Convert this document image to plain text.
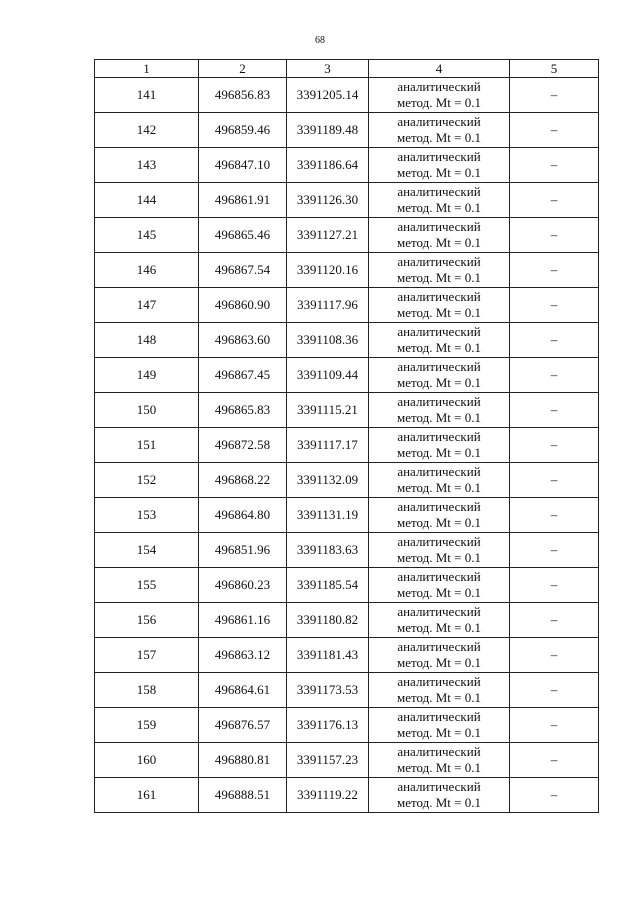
68
1	2	3	4	5
141	496856.83	3391205.14	аналитический
метод. Mt = 0.1	–
142	496859.46	3391189.48	аналитический
метод. Mt = 0.1	–
143	496847.10	3391186.64	аналитический
метод. Mt = 0.1	–
144	496861.91	3391126.30	аналитический
метод. Mt = 0.1	–
145	496865.46	3391127.21	аналитический
метод. Mt = 0.1	–
146	496867.54	3391120.16	аналитический
метод. Mt = 0.1	–
147	496860.90	3391117.96	аналитический
метод. Mt = 0.1	–
148	496863.60	3391108.36	аналитический
метод. Mt = 0.1	–
149	496867.45	3391109.44	аналитический
метод. Mt = 0.1	–
150	496865.83	3391115.21	аналитический
метод. Mt = 0.1	–
151	496872.58	3391117.17	аналитический
метод. Mt = 0.1	–
152	496868.22	3391132.09	аналитический
метод. Mt = 0.1	–
153	496864.80	3391131.19	аналитический
метод. Mt = 0.1	–
154	496851.96	3391183.63	аналитический
метод. Mt = 0.1	–
155	496860.23	3391185.54	аналитический
метод. Mt = 0.1	–
156	496861.16	3391180.82	аналитический
метод. Mt = 0.1	–
157	496863.12	3391181.43	аналитический
метод. Mt = 0.1	–
158	496864.61	3391173.53	аналитический
метод. Mt = 0.1	–
159	496876.57	3391176.13	аналитический
метод. Mt = 0.1	–
160	496880.81	3391157.23	аналитический
метод. Mt = 0.1	–
161	496888.51	3391119.22	аналитический
метод. Mt = 0.1	–
